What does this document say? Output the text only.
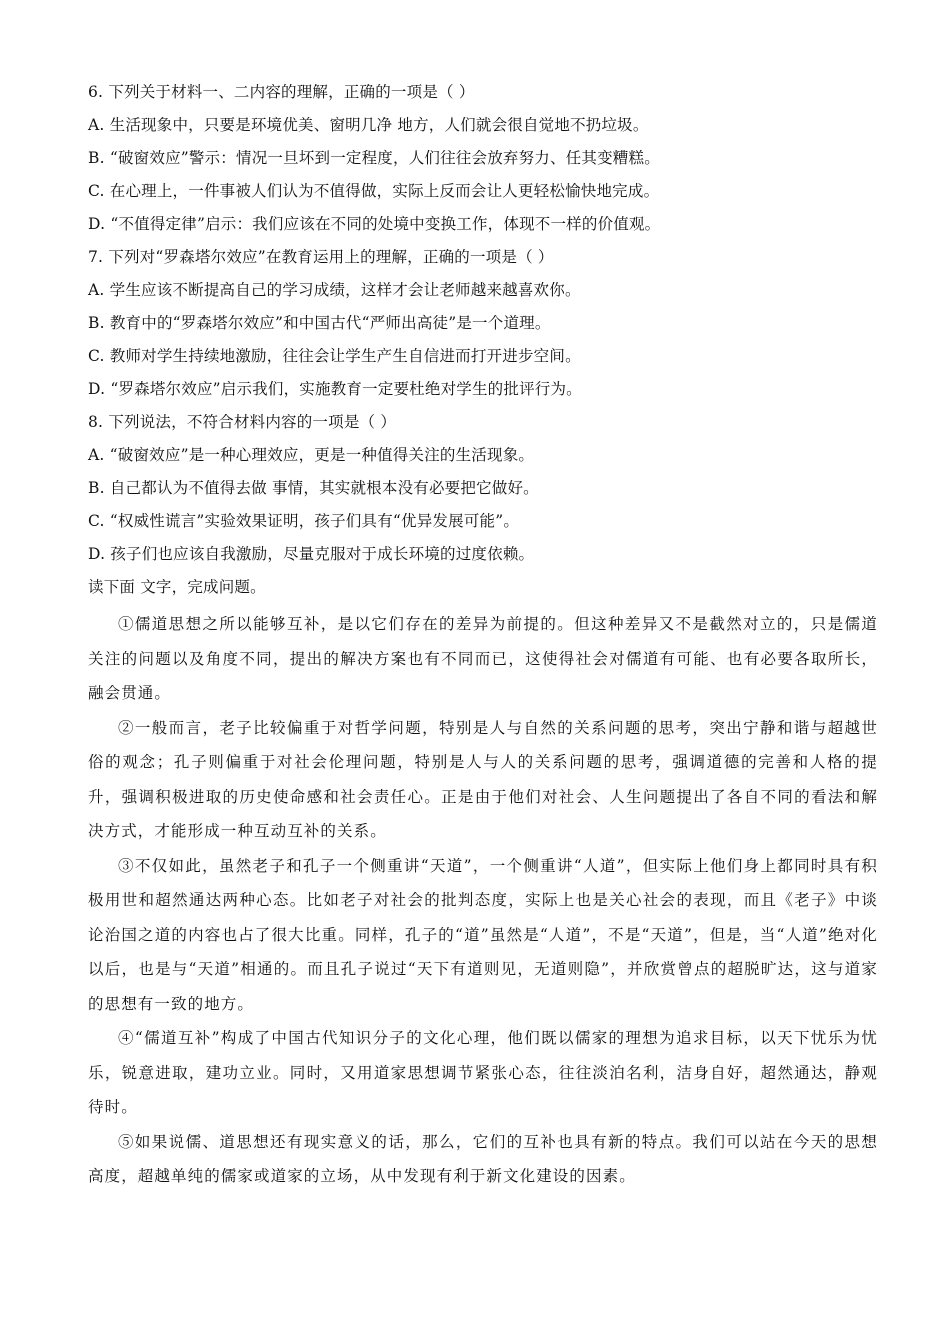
6. 下列关于材料一、二内容的理解，正确的一项是（ ）
A. 生活现象中，只要是环境优美、窗明几净 地方，人们就会很自觉地不扔垃圾。
B. “破窗效应”警示：情况一旦坏到一定程度，人们往往会放弃努力、任其变糟糕。
C. 在心理上，一件事被人们认为不值得做，实际上反而会让人更轻松愉快地完成。
D. “不值得定律”启示：我们应该在不同的处境中变换工作，体现不一样的价值观。
7. 下列对“罗森塔尔效应”在教育运用上的理解，正确的一项是（ ）
A. 学生应该不断提高自己的学习成绩，这样才会让老师越来越喜欢你。
B. 教育中的“罗森塔尔效应”和中国古代“严师出高徒”是一个道理。
C. 教师对学生持续地激励，往往会让学生产生自信进而打开进步空间。
D. “罗森塔尔效应”启示我们，实施教育一定要杜绝对学生的批评行为。
8. 下列说法，不符合材料内容的一项是（ ）
A. “破窗效应”是一种心理效应，更是一种值得关注的生活现象。
B. 自己都认为不值得去做 事情，其实就根本没有必要把它做好。
C. “权威性谎言”实验效果证明，孩子们具有“优异发展可能”。
D. 孩子们也应该自我激励，尽量克服对于成长环境的过度依赖。
读下面 文字，完成问题。

①儒道思想之所以能够互补，是以它们存在的差异为前提的。但这种差异又不是截然对立的，只是儒道关注的问题以及角度不同，提出的解决方案也有不同而已，这使得社会对儒道有可能、也有必要各取所长，融会贯通。

②一般而言，老子比较偏重于对哲学问题，特别是人与自然的关系问题的思考，突出宁静和谐与超越世俗的观念；孔子则偏重于对社会伦理问题，特别是人与人的关系问题的思考，强调道德的完善和人格的提升，强调积极进取的历史使命感和社会责任心。正是由于他们对社会、人生问题提出了各自不同的看法和解决方式，才能形成一种互动互补的关系。

③不仅如此，虽然老子和孔子一个侧重讲“天道”，一个侧重讲“人道”，但实际上他们身上都同时具有积极用世和超然通达两种心态。比如老子对社会的批判态度，实际上也是关心社会的表现，而且《老子》中谈论治国之道的内容也占了很大比重。同样，孔子的“道”虽然是“人道”，不是“天道”，但是，当“人道”绝对化以后，也是与“天道”相通的。而且孔子说过“天下有道则见，无道则隐”，并欣赏曾点的超脱旷达，这与道家的思想有一致的地方。

④“儒道互补”构成了中国古代知识分子的文化心理，他们既以儒家的理想为追求目标，以天下忧乐为忧乐，锐意进取，建功立业。同时，又用道家思想调节紧张心态，往往淡泊名利，洁身自好，超然通达，静观待时。

⑤如果说儒、道思想还有现实意义的话，那么，它们的互补也具有新的特点。我们可以站在今天的思想高度，超越单纯的儒家或道家的立场，从中发现有利于新文化建设的因素。
